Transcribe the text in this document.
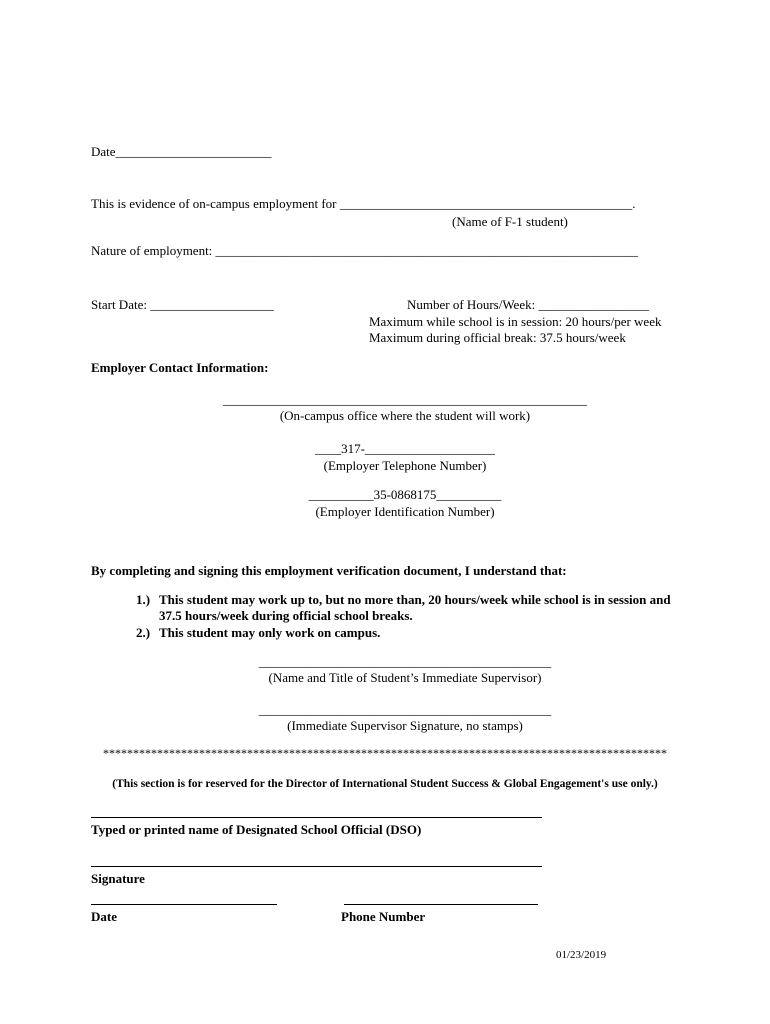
Date________________________
This is evidence of on-campus employment for _____________________________________________.
(Name of F-1 student)
Nature of employment: _________________________________________________________________
Start Date: ___________________	Number of Hours/Week: _________________
Maximum while school is in session: 20 hours/per week
Maximum during official break: 37.5 hours/week
Employer Contact Information:
________________________________________________________
(On-campus office where the student will work)
____317-____________________
(Employer Telephone Number)
__________35-0868175__________
(Employer Identification Number)
By completing and signing this employment verification document, I understand that:
1.) This student may work up to, but no more than, 20 hours/week while school is in session and
37.5 hours/week during official school breaks.
2.) This student may only work on campus.
_____________________________________________
(Name and Title of Student’s Immediate Supervisor)
_____________________________________________
(Immediate Supervisor Signature, no stamps)
**********************************************************************************************
(This section is for reserved for the Director of International Student Success & Global Engagement's use only.)
Typed or printed name of Designated School Official (DSO)
Signature
Date	Phone Number
01/23/2019
